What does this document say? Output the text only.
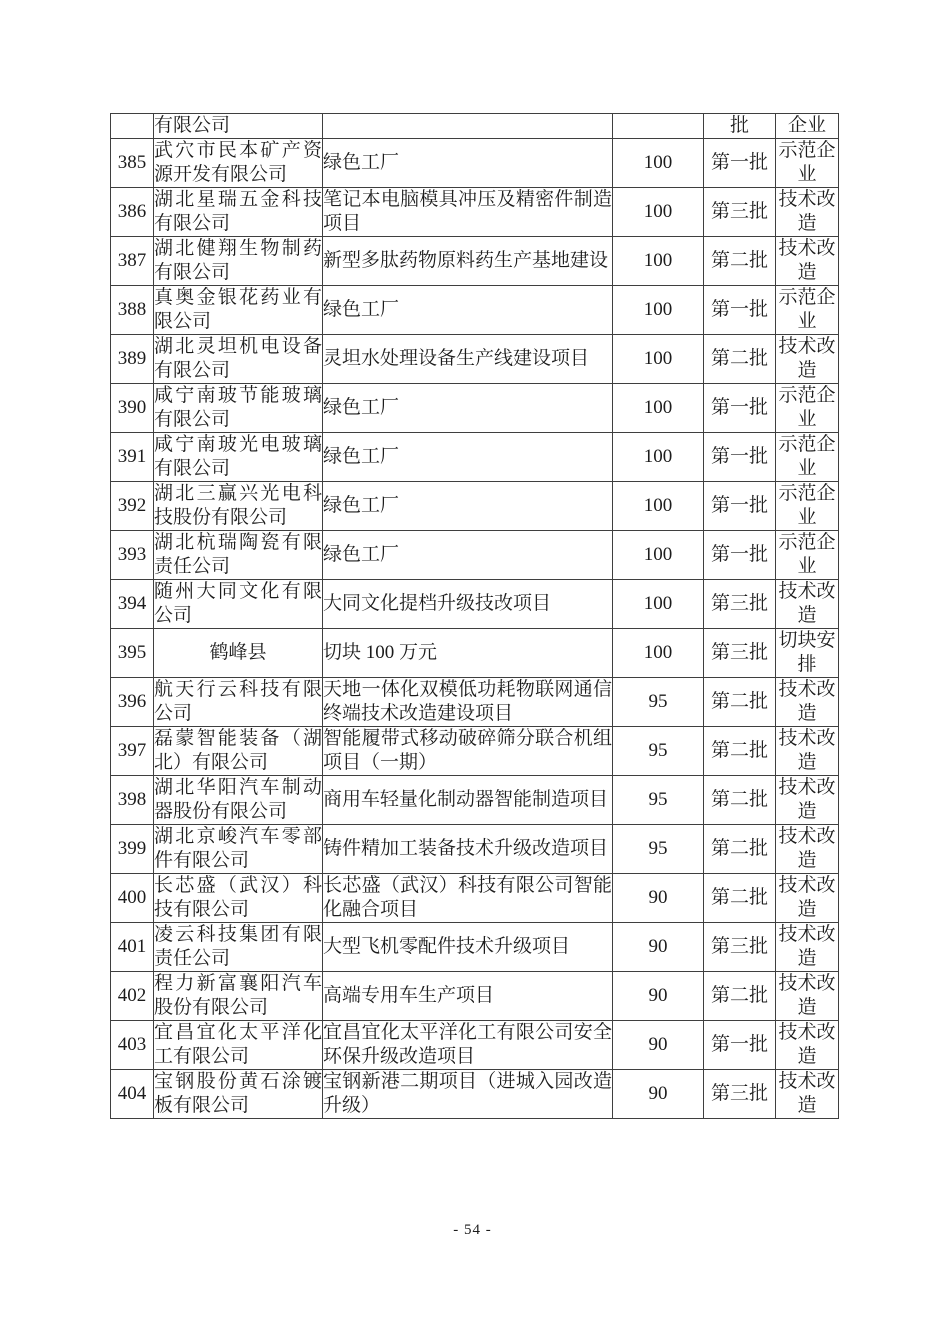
	有限公司			批	企业
385	武穴市民本矿产资源开发有限公司	绿色工厂	100	第一批	示范企业
386	湖北星瑞五金科技有限公司	笔记本电脑模具冲压及精密件制造项目	100	第三批	技术改造
387	湖北健翔生物制药有限公司	新型多肽药物原料药生产基地建设	100	第二批	技术改造
388	真奥金银花药业有限公司	绿色工厂	100	第一批	示范企业
389	湖北灵坦机电设备有限公司	灵坦水处理设备生产线建设项目	100	第二批	技术改造
390	咸宁南玻节能玻璃有限公司	绿色工厂	100	第一批	示范企业
391	咸宁南玻光电玻璃有限公司	绿色工厂	100	第一批	示范企业
392	湖北三赢兴光电科技股份有限公司	绿色工厂	100	第一批	示范企业
393	湖北杭瑞陶瓷有限责任公司	绿色工厂	100	第一批	示范企业
394	随州大同文化有限公司	大同文化提档升级技改项目	100	第三批	技术改造
395	鹤峰县	切块 100 万元	100	第三批	切块安排
396	航天行云科技有限公司	天地一体化双模低功耗物联网通信终端技术改造建设项目	95	第二批	技术改造
397	磊蒙智能装备（湖北）有限公司	智能履带式移动破碎筛分联合机组项目（一期）	95	第二批	技术改造
398	湖北华阳汽车制动器股份有限公司	商用车轻量化制动器智能制造项目	95	第二批	技术改造
399	湖北京峻汽车零部件有限公司	铸件精加工装备技术升级改造项目	95	第二批	技术改造
400	长芯盛（武汉）科技有限公司	长芯盛（武汉）科技有限公司智能化融合项目	90	第二批	技术改造
401	凌云科技集团有限责任公司	大型飞机零配件技术升级项目	90	第三批	技术改造
402	程力新富襄阳汽车股份有限公司	高端专用车生产项目	90	第二批	技术改造
403	宜昌宜化太平洋化工有限公司	宜昌宜化太平洋化工有限公司安全环保升级改造项目	90	第一批	技术改造
404	宝钢股份黄石涂镀板有限公司	宝钢新港二期项目（进城入园改造升级）	90	第三批	技术改造
- 54 -
